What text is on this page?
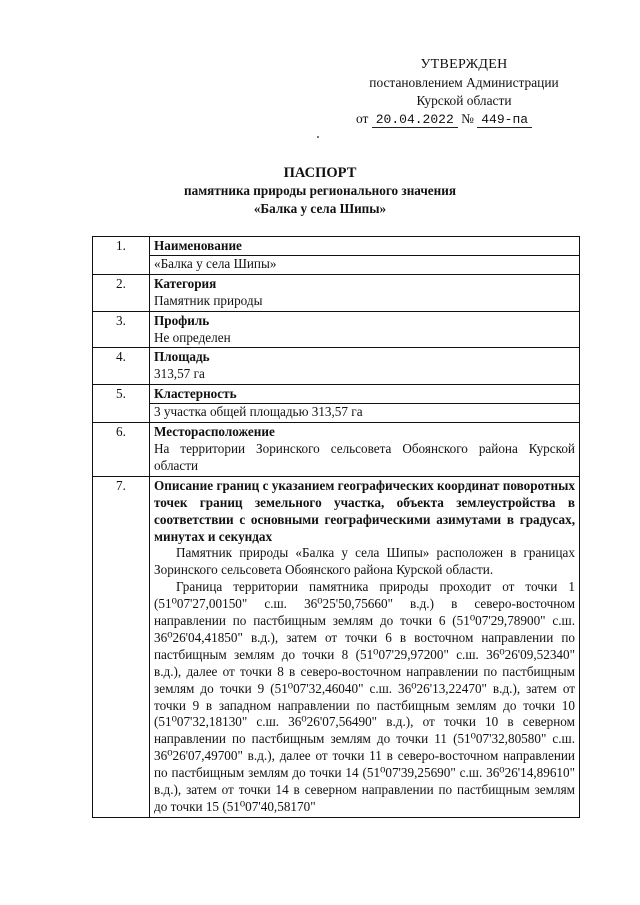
УТВЕРЖДЕН
постановлением Администрации
Курской области
от 20.04.2022 № 449-па
ПАСПОРТ
памятника природы регионального значения
«Балка у села Шипы»
1.	Наименование
«Балка у села Шипы»

2.	Категория
Памятник природы

3.	Профиль
Не определен

4.	Площадь
313,57 га

5.	Кластерность
3 участка общей площадью 313,57 га

6.	Месторасположение
На территории Зоринского сельсовета Обоянского района Курской области

7.	Описание границ с указанием географических координат поворотных точек границ земельного участка, объекта землеустройства в соответствии с основными географическими азимутами в градусах, минутах и секундах
Памятник природы «Балка у села Шипы» расположен в границах Зоринского сельсовета Обоянского района Курской области.
Граница территории памятника природы проходит от точки 1 (51⁰07'27,00150" с.ш. 36⁰25'50,75660" в.д.) в северо-восточном направлении по пастбищным землям до точки 6 (51⁰07'29,78900" с.ш. 36⁰26'04,41850" в.д.), затем от точки 6 в восточном направлении по пастбищным землям до точки 8 (51⁰07'29,97200" с.ш. 36⁰26'09,52340" в.д.), далее от точки 8 в северо-восточном направлении по пастбищным землям до точки 9 (51⁰07'32,46040" с.ш. 36⁰26'13,22470" в.д.), затем от точки 9 в западном направлении по пастбищным землям до точки 10 (51⁰07'32,18130" с.ш. 36⁰26'07,56490" в.д.), от точки 10 в северном направлении по пастбищным землям до точки 11 (51⁰07'32,80580" с.ш. 36⁰26'07,49700" в.д.), далее от точки 11 в северо-восточном направлении по пастбищным землям до точки 14 (51⁰07'39,25690" с.ш. 36⁰26'14,89610" в.д.), затем от точки 14 в северном направлении по пастбищным землям до точки 15 (51⁰07'40,58170"
